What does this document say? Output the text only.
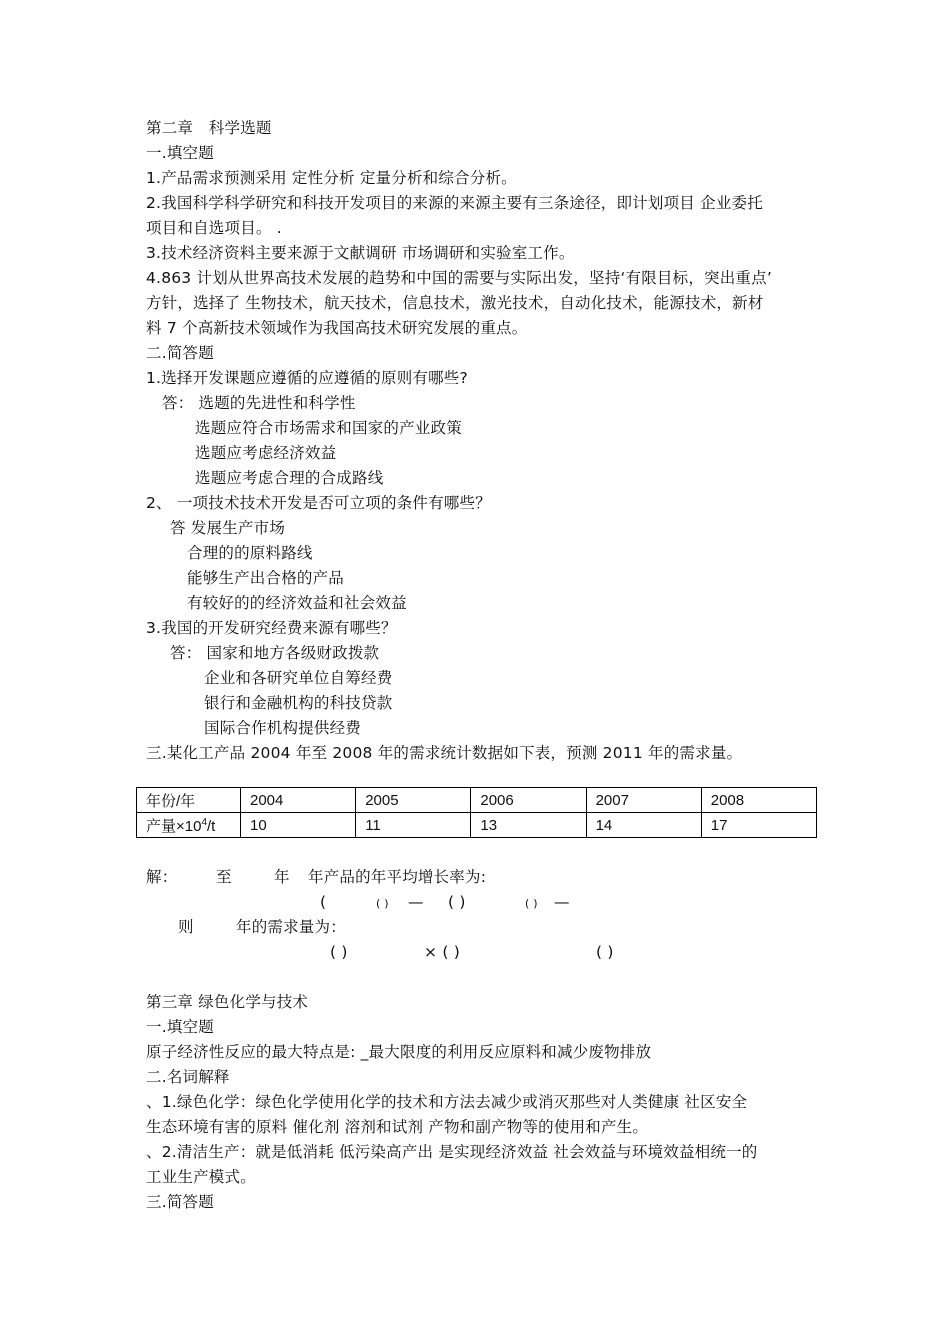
第二章　科学选题
一.填空题
1.产品需求预测采用 定性分析 定量分析和综合分析。
2.我国科学科学研究和科技开发项目的来源的来源主要有三条途径，即计划项目 企业委托
项目和自选项目。 .
3.技术经济资料主要来源于文献调研 市场调研和实验室工作。
4.863 计划从世界高技术发展的趋势和中国的需要与实际出发，坚持‘有限目标，突出重点’
方针，选择了 生物技术，航天技术，信息技术，激光技术，自动化技术，能源技术，新材
料 7 个高新技术领域作为我国高技术研究发展的重点。
二.简答题
1.选择开发课题应遵循的应遵循的原则有哪些?
答： 选题的先进性和科学性
选题应符合市场需求和国家的产业政策
选题应考虑经济效益
选题应考虑合理的合成路线
2、 一项技术技术开发是否可立项的条件有哪些？
答 发展生产市场
合理的的原料路线
能够生产出合格的产品
有较好的的经济效益和社会效益
3.我国的开发研究经费来源有哪些？
答： 国家和地方各级财政拨款
企业和各研究单位自筹经费
银行和金融机构的科技贷款
国际合作机构提供经费
三.某化工产品 2004 年至 2008 年的需求统计数据如下表，预测 2011 年的需求量。
年份/年	2004	2005	2006	2007	2008
产量$\times 10^4/t$	10	11	13	14	17
解： 至	年 年产品的年平均增长率为:
(	( ) — ( )	( ) —
则	年的需求量为：
( )	× ( )	( )
第三章 绿色化学与技术
一.填空题
原子经济性反应的最大特点是: _最大限度的利用反应原料和减少废物排放
二.名词解释
、1.绿色化学：绿色化学使用化学的技术和方法去减少或消灭那些对人类健康 社区安全
生态环境有害的原料 催化剂 溶剂和试剂 产物和副产物等的使用和产生。
、2.清洁生产：就是低消耗 低污染高产出 是实现经济效益 社会效益与环境效益相统一的
工业生产模式。
三.简答题
